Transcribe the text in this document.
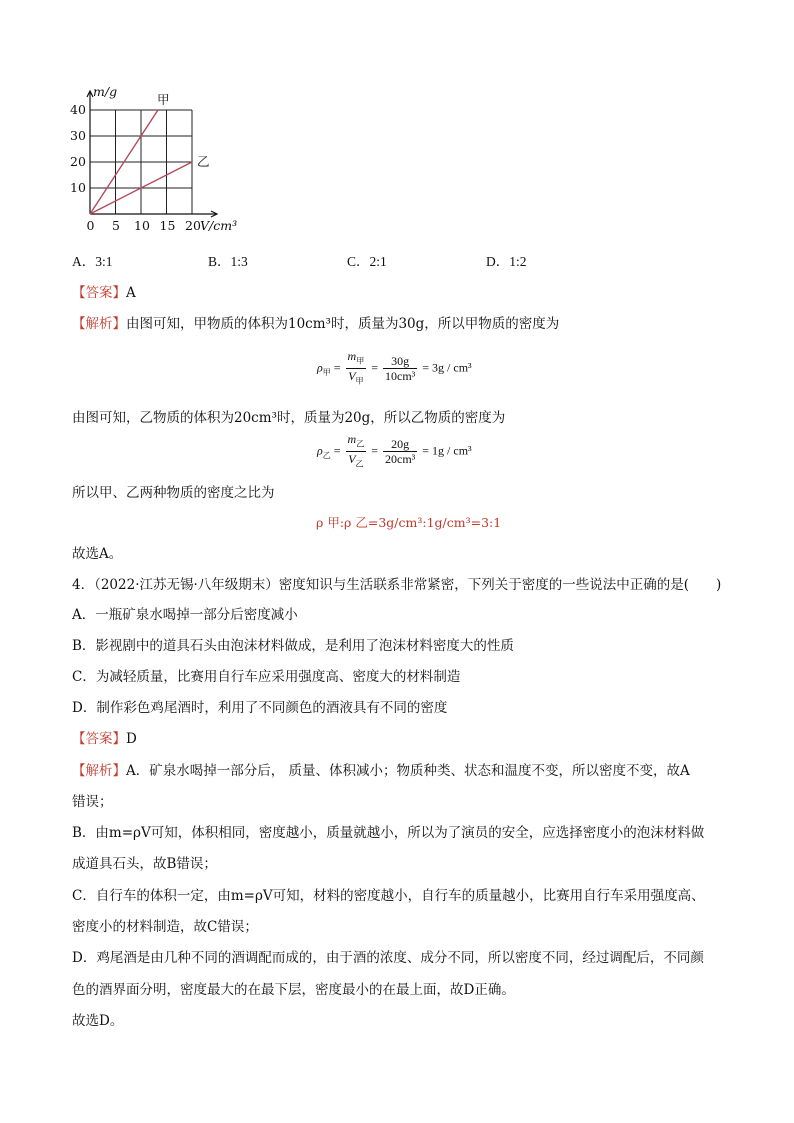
甲
乙
0 5 10 15 20
10
20
30
40
m/g
V/cm³
A．3:1	B．1:3	C．2:1	D．1:2
【答案】A
【解析】由图可知，甲物质的体积为10cm³时，质量为30g，所以甲物质的密度为
$\rho_甲 = \frac{m_甲}{V_甲} = \frac{30g}{\text{10cm³}} = 3g / cm^3$
由图可知，乙物质的体积为20cm³时，质量为20g，所以乙物质的密度为
$\rho_乙 = \frac{m_乙}{V_乙} = \frac{20g}{\text{20cm³}} = 1g / cm^3$
所以甲、乙两种物质的密度之比为
ρ 甲:ρ 乙=3g/cm³:1g/cm³=3:1
故选A。
4．（2022·江苏无锡·八年级期末）密度知识与生活联系非常紧密，下列关于密度的一些说法中正确的是(　　)
A．一瓶矿泉水喝掉一部分后密度减小
B．影视剧中的道具石头由泡沫材料做成，是利用了泡沫材料密度大的性质
C．为减轻质量，比赛用自行车应采用强度高、密度大的材料制造
D．制作彩色鸡尾酒时，利用了不同颜色的酒液具有不同的密度
【答案】D
【解析】A．矿泉水喝掉一部分后， 质量、体积减小；物质种类、状态和温度不变，所以密度不变，故A
错误；
B．由m=ρV可知，体积相同，密度越小，质量就越小，所以为了演员的安全，应选择密度小的泡沫材料做
成道具石头，故B错误；
C．自行车的体积一定，由m=ρV可知，材料的密度越小，自行车的质量越小，比赛用自行车采用强度高、
密度小的材料制造，故C错误；
D．鸡尾酒是由几种不同的酒调配而成的，由于酒的浓度、成分不同，所以密度不同，经过调配后，不同颜
色的酒界面分明，密度最大的在最下层，密度最小的在最上面，故D正确。
故选D。
